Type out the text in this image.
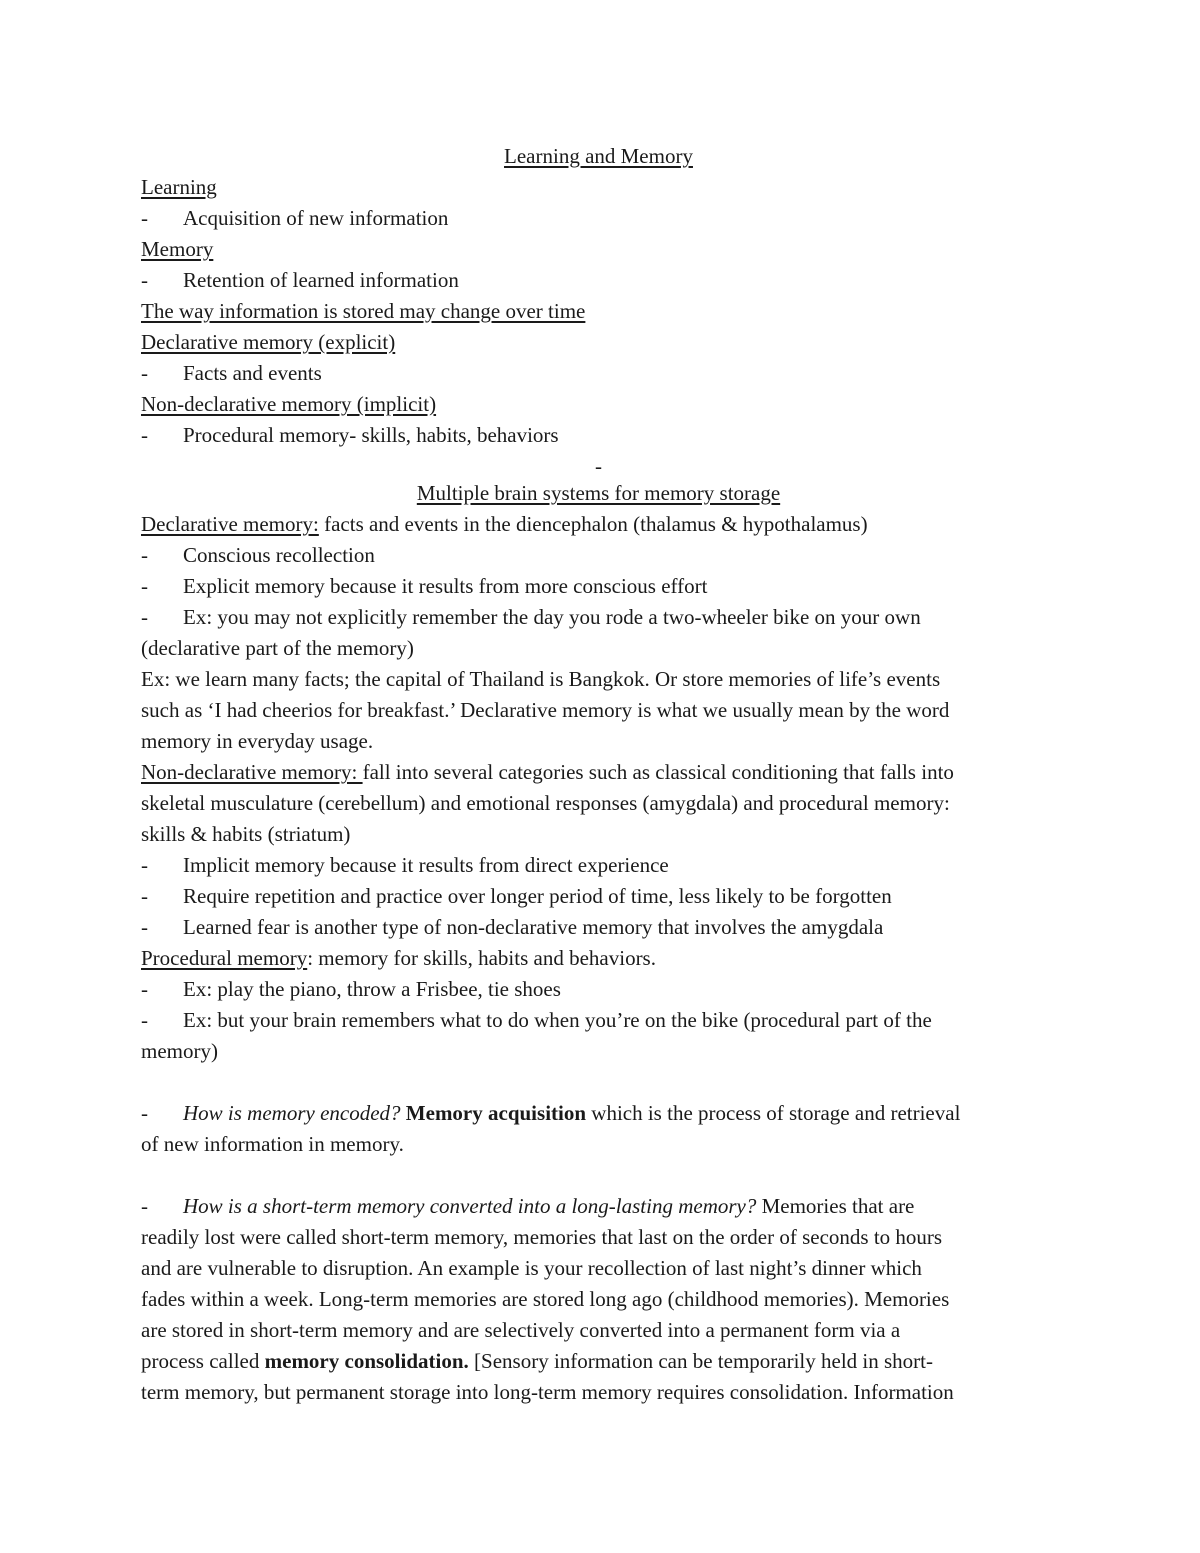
Learning and Memory
Learning
-	Acquisition of new information
Memory
-	Retention of learned information
The way information is stored may change over time
Declarative memory (explicit)
-	Facts and events
Non-declarative memory (implicit)
-	Procedural memory- skills, habits, behaviors
-
Multiple brain systems for memory storage
Declarative memory: facts and events in the diencephalon (thalamus & hypothalamus)
-	Conscious recollection
-	Explicit memory because it results from more conscious effort
-	Ex: you may not explicitly remember the day you rode a two-wheeler bike on your own
(declarative part of the memory)
Ex: we learn many facts; the capital of Thailand is Bangkok. Or store memories of life’s events
such as ‘I had cheerios for breakfast.’ Declarative memory is what we usually mean by the word
memory in everyday usage.
Non-declarative memory: fall into several categories such as classical conditioning that falls into
skeletal musculature (cerebellum) and emotional responses (amygdala) and procedural memory:
skills & habits (striatum)
-	Implicit memory because it results from direct experience
-	Require repetition and practice over longer period of time, less likely to be forgotten
-	Learned fear is another type of non-declarative memory that involves the amygdala
Procedural memory: memory for skills, habits and behaviors.
-	Ex: play the piano, throw a Frisbee, tie shoes
-	Ex: but your brain remembers what to do when you’re on the bike (procedural part of the
memory)
-	How is memory encoded? Memory acquisition which is the process of storage and retrieval
of new information in memory.
-	How is a short-term memory converted into a long-lasting memory? Memories that are
readily lost were called short-term memory, memories that last on the order of seconds to hours
and are vulnerable to disruption. An example is your recollection of last night’s dinner which
fades within a week. Long-term memories are stored long ago (childhood memories). Memories
are stored in short-term memory and are selectively converted into a permanent form via a
process called memory consolidation. [Sensory information can be temporarily held in short-
term memory, but permanent storage into long-term memory requires consolidation. Information
